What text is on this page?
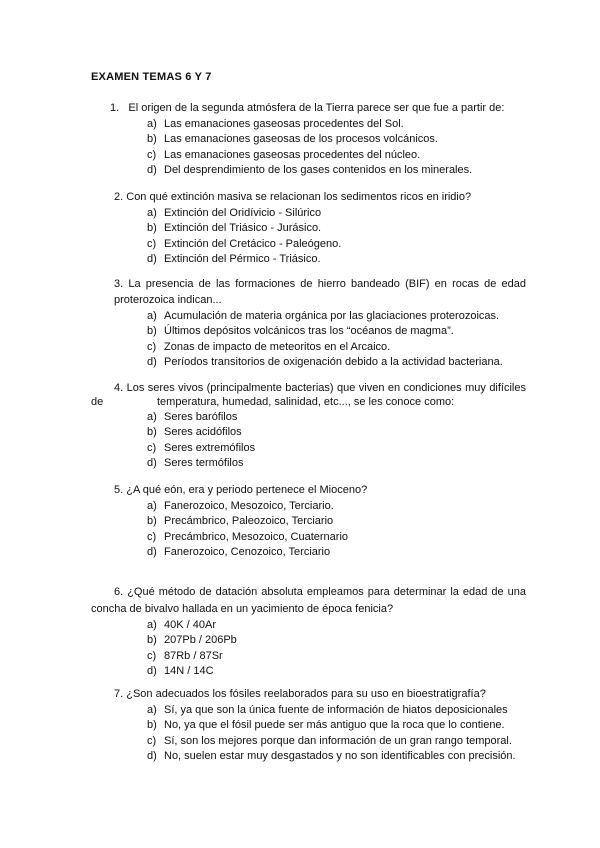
EXAMEN TEMAS 6 Y 7
1. El origen de la segunda atmósfera de la Tierra parece ser que fue a partir de:
a) Las emanaciones gaseosas procedentes del Sol.
b) Las emanaciones gaseosas de los procesos volcánicos.
c) Las emanaciones gaseosas procedentes del núcleo.
d) Del desprendimiento de los gases contenidos en los minerales.
2. Con qué extinción masiva se relacionan los sedimentos ricos en iridio?
a) Extinción del Oridívicio - Silúrico
b) Extinción del Triásico - Jurásico.
c) Extinción del Cretácico - Paleógeno.
d) Extinción del Pérmico - Triásico.
3. La presencia de las formaciones de hierro bandeado (BIF) en rocas de edad
proterozoica indican...
a) Acumulación de materia orgánica por las glaciaciones proterozoicas.
b) Últimos depósitos volcánicos tras los “océanos de magma”.
c) Zonas de impacto de meteoritos en el Arcaico.
d) Períodos transitorios de oxigenación debido a la actividad bacteriana.
4. Los seres vivos (principalmente bacterias) que viven en condiciones muy difíciles
de	temperatura, humedad, salinidad, etc..., se les conoce como:
a) Seres barófilos
b) Seres acidófilos
c) Seres extremófilos
d) Seres termófilos
5. ¿A qué eón, era y periodo pertenece el Mioceno?
a) Fanerozoico, Mesozoico, Terciario.
b) Precámbrico, Paleozoico, Terciario
c) Precámbrico, Mesozoico, Cuaternario
d) Fanerozoico, Cenozoico, Terciario
6. ¿Qué método de datación absoluta empleamos para determinar la edad de una
concha de bivalvo hallada en un yacimiento de época fenicia?
a) 40K / 40Ar
b) 207Pb / 206Pb
c) 87Rb / 87Sr
d) 14N / 14C
7. ¿Son adecuados los fósiles reelaborados para su uso en bioestratigrafía?
a) Sí, ya que son la única fuente de información de hiatos deposicionales
b) No, ya que el fósil puede ser más antiguo que la roca que lo contiene.
c) Sí, son los mejores porque dan información de un gran rango temporal.
d) No, suelen estar muy desgastados y no son identificables con precisión.
